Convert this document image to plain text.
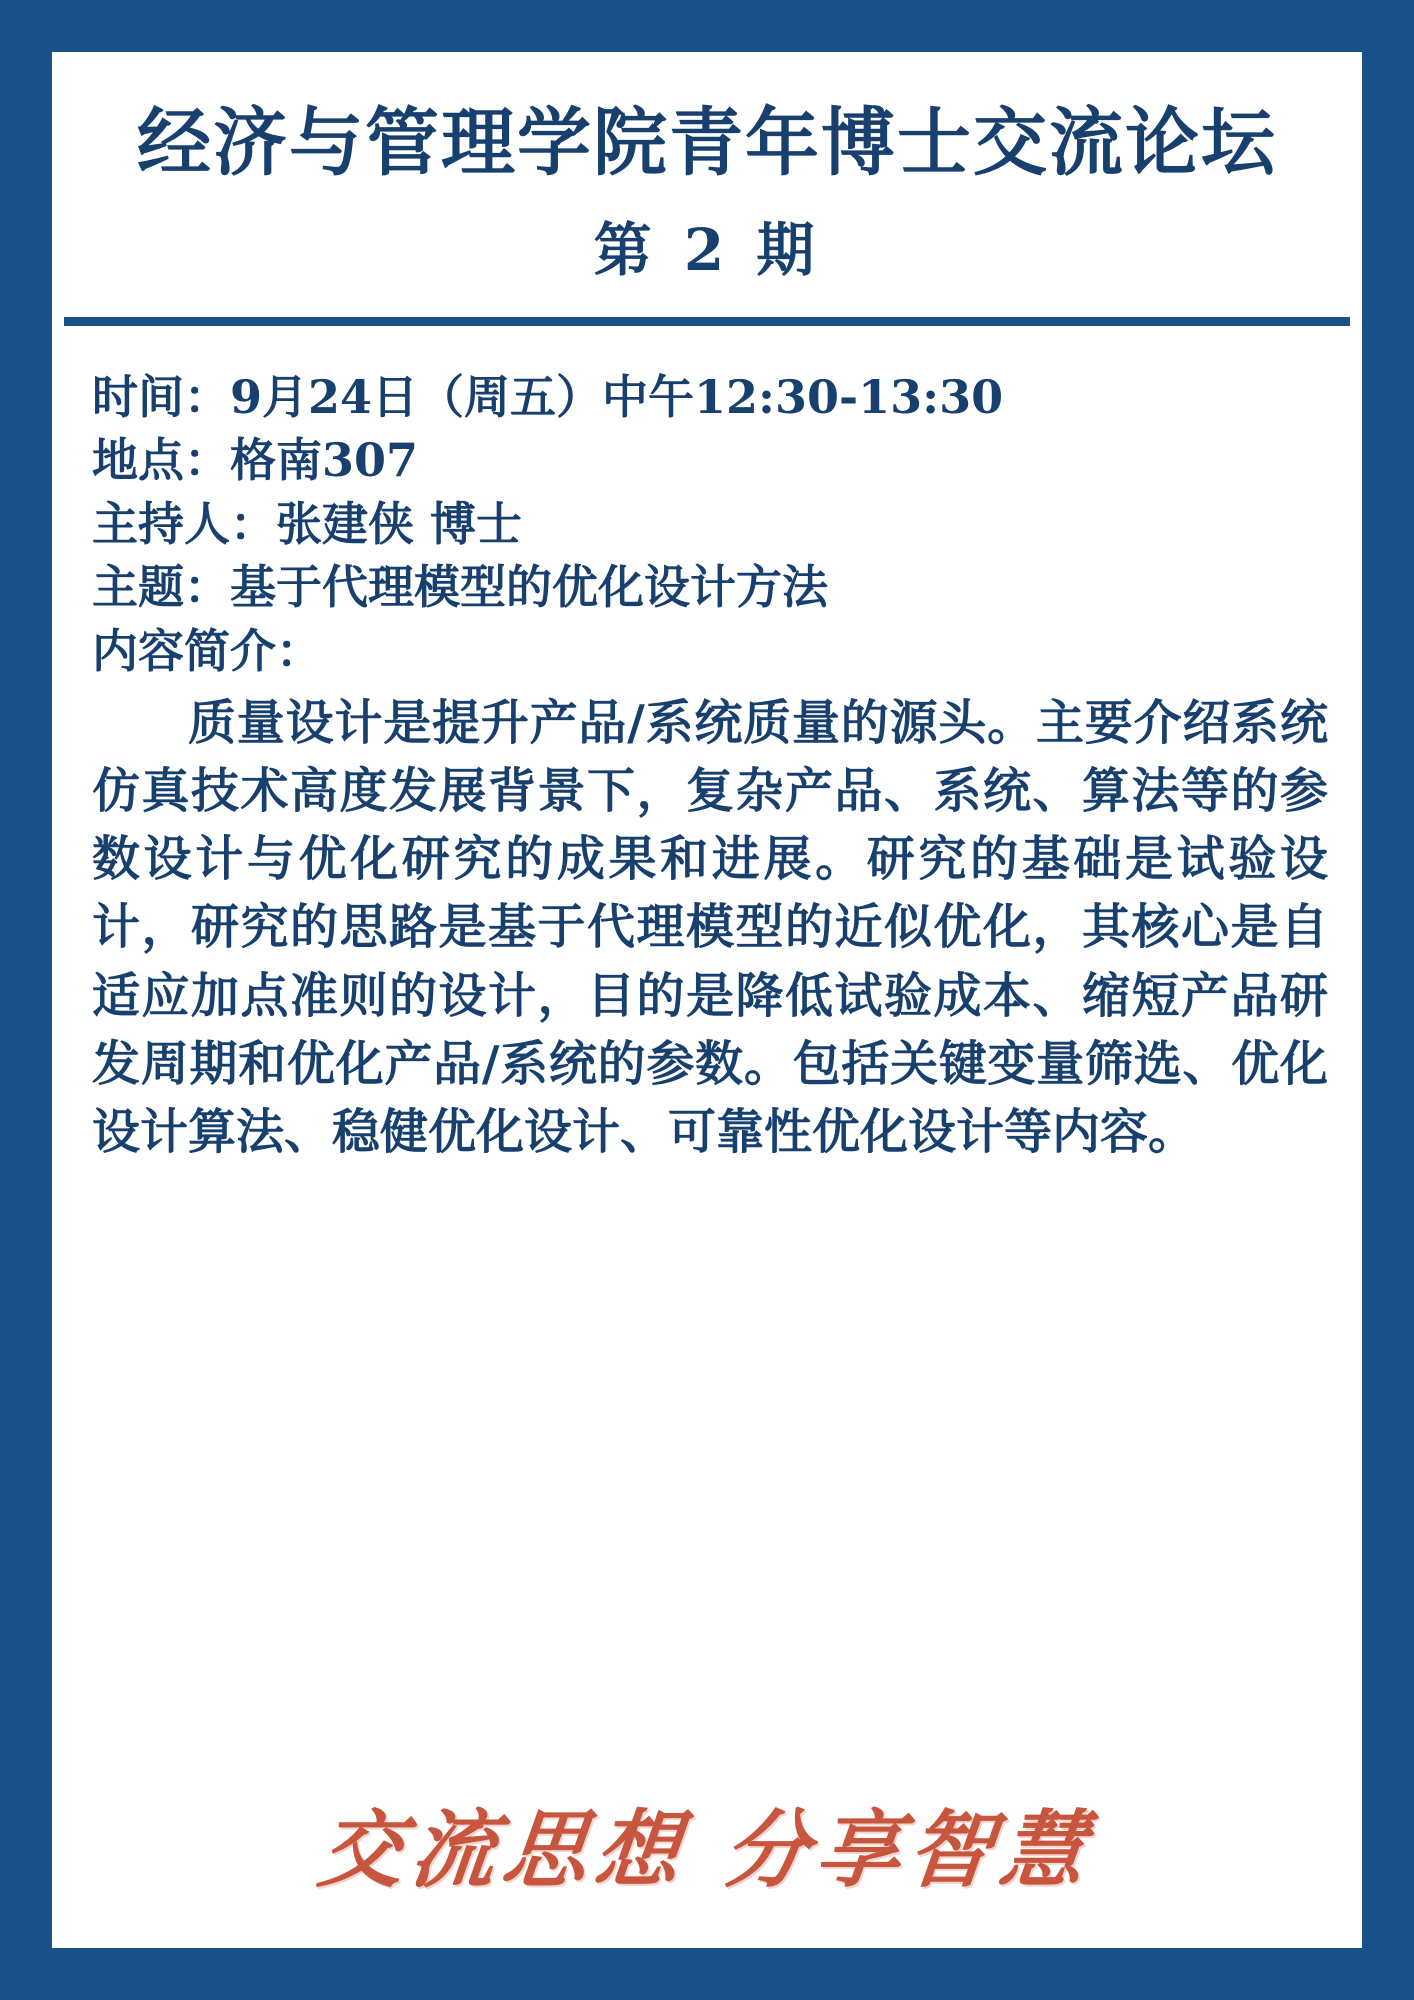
经济与管理学院青年博士交流论坛
第 2 期
时间：9月24日（周五）中午12:30-13:30
地点：格南307
主持人：张建侠 博士
主题：基于代理模型的优化设计方法
内容简介：
质量设计是提升产品/系统质量的源头。主要介绍系统仿真技术高度发展背景下，复杂产品、系统、算法等的参数设计与优化研究的成果和进展。研究的基础是试验设计，研究的思路是基于代理模型的近似优化，其核心是自适应加点准则的设计，目的是降低试验成本、缩短产品研发周期和优化产品/系统的参数。包括关键变量筛选、优化设计算法、稳健优化设计、可靠性优化设计等内容。
交流思想 分享智慧
